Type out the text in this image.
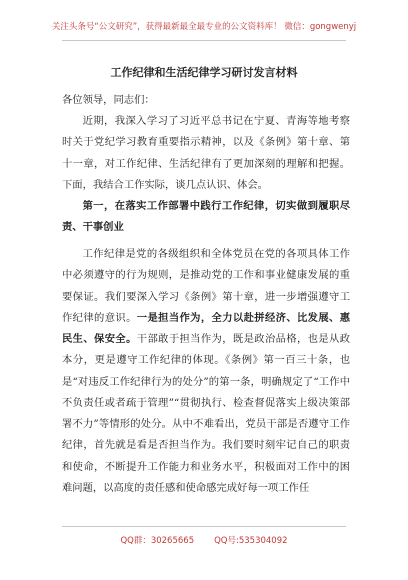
关注头条号“公文研究”，获得最新最全最专业的公文资料库！ 微信：gongwenyj
工作纪律和生活纪律学习研讨发言材料

各位领导，同志们：

近期，我深入学习了习近平总书记在宁夏、青海等地考察时关于党纪学习教育重要指示精神，以及《条例》第十章、第十一章，对工作纪律、生活纪律有了更加深刻的理解和把握。下面，我结合工作实际，谈几点认识、体会。

第一，在落实工作部署中践行工作纪律，切实做到履职尽责、干事创业

工作纪律是党的各级组织和全体党员在党的各项具体工作中必须遵守的行为规则，是推动党的工作和事业健康发展的重要保证。我们要深入学习《条例》第十章，进一步增强遵守工作纪律的意识。一是担当作为，全力以赴拼经济、比发展、惠民生、保安全。干部敢于担当作为，既是政治品格，也是从政本分，更是遵守工作纪律的体现。《条例》第一百三十条，也是“对违反工作纪律行为的处分”的第一条，明确规定了“工作中不负责任或者疏于管理”“贯彻执行、检查督促落实上级决策部署不力”等情形的处分。从中不难看出，党员干部是否遵守工作纪律，首先就是看是否担当作为。我们要时刻牢记自己的职责和使命，不断提升工作能力和业务水平，积极面对工作中的困难问题，以高度的责任感和使命感完成好每一项工作任

QQ群：30265665 QQ号:535304092
